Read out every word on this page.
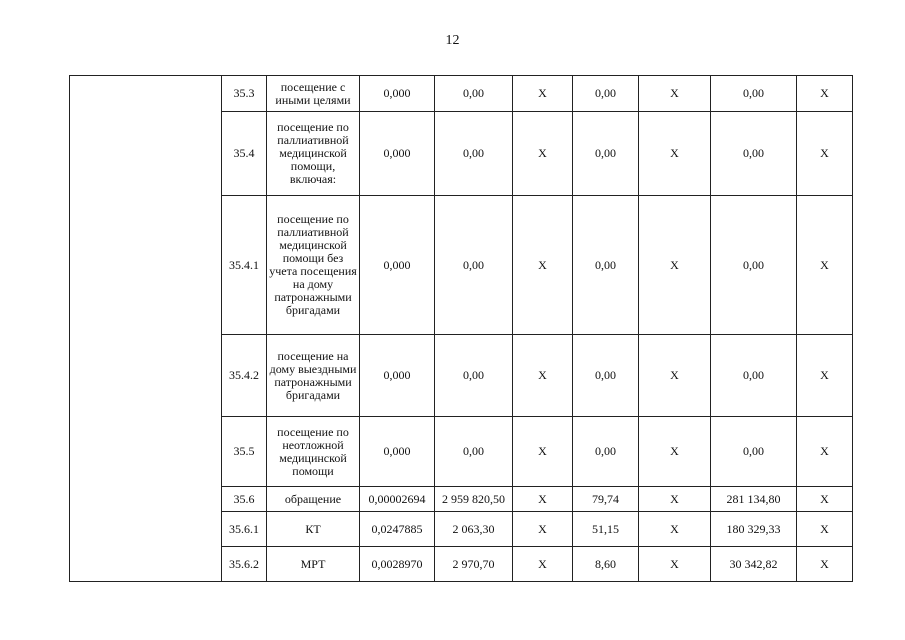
12
	35.3	посещение с иными целями	0,000	0,00	X	0,00	X	0,00	X
	35.4	посещение по паллиативной медицинской помощи, включая:	0,000	0,00	X	0,00	X	0,00	X
	35.4.1	посещение по паллиативной медицинской помощи без учета посещения на дому патронажными бригадами	0,000	0,00	X	0,00	X	0,00	X
	35.4.2	посещение на дому выездными патронажными бригадами	0,000	0,00	X	0,00	X	0,00	X
	35.5	посещение по неотложной медицинской помощи	0,000	0,00	X	0,00	X	0,00	X
	35.6	обращение	0,00002694	2 959 820,50	X	79,74	X	281 134,80	X
	35.6.1	КТ	0,0247885	2 063,30	X	51,15	X	180 329,33	X
	35.6.2	МРТ	0,0028970	2 970,70	X	8,60	X	30 342,82	X
